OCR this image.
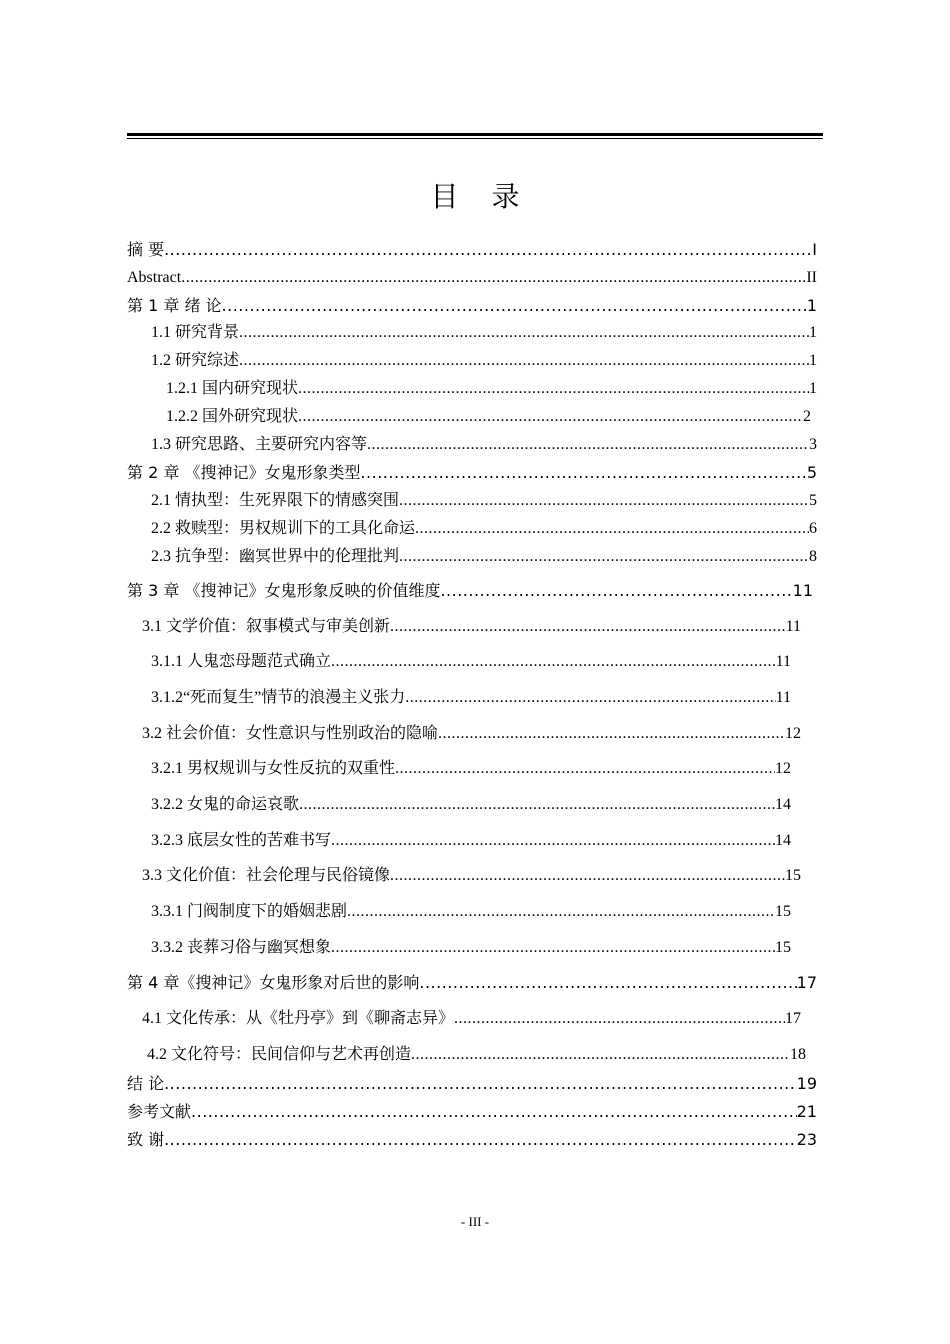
目 录
摘 要 .....	I
Abstract .....	II
第 1 章 绪 论 .....	1
1.1 研究背景 .....	1
1.2 研究综述 .....	1
1.2.1 国内研究现状 .....	1
1.2.2 国外研究现状 .....	2
1.3 研究思路、主要研究内容等 .....	3
第 2 章 《搜神记》女鬼形象类型 .....	5
2.1 情执型：生死界限下的情感突围 .....	5
2.2 救赎型：男权规训下的工具化命运 .....	6
2.3 抗争型：幽冥世界中的伦理批判 .....	8
第 3 章 《搜神记》女鬼形象反映的价值维度 .....	11
3.1 文学价值：叙事模式与审美创新 .....	11
3.1.1 人鬼恋母题范式确立 .....	11
3.1.2“死而复生”情节的浪漫主义张力 .....	11
3.2 社会价值：女性意识与性别政治的隐喻 .....	12
3.2.1 男权规训与女性反抗的双重性 .....	12
3.2.2 女鬼的命运哀歌 .....	14
3.2.3 底层女性的苦难书写 .....	14
3.3 文化价值：社会伦理与民俗镜像 .....	15
3.3.1 门阀制度下的婚姻悲剧 .....	15
3.3.2 丧葬习俗与幽冥想象 .....	15
第 4 章《搜神记》女鬼形象对后世的影响 .....	17
4.1 文化传承：从《牡丹亭》到《聊斋志异》 .....	17
4.2 文化符号：民间信仰与艺术再创造 .....	18
结 论 .....	19
参考文献 .....	21
致 谢 .....	23
- III -
